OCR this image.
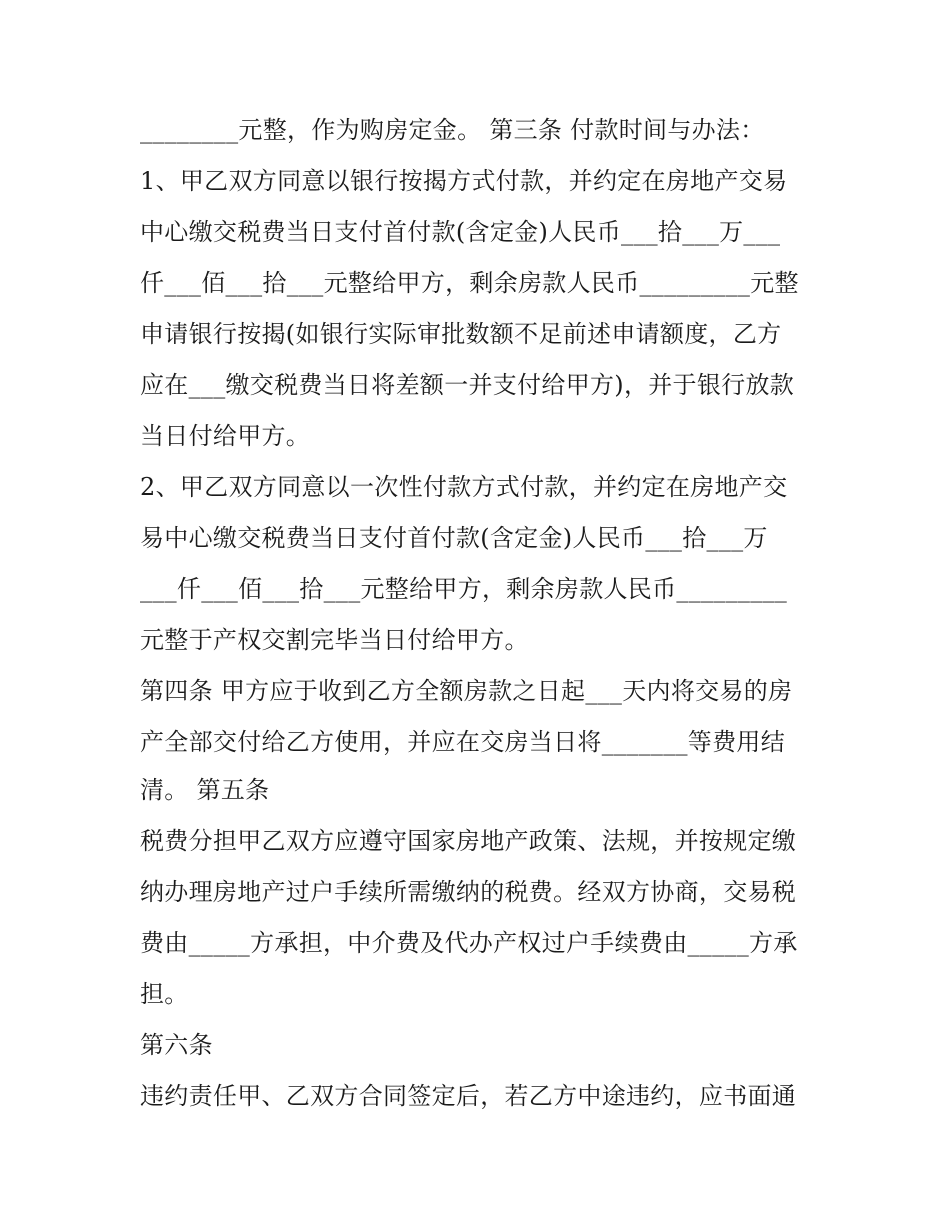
________元整，作为购房定金。 第三条 付款时间与办法：

1、甲乙双方同意以银行按揭方式付款，并约定在房地产交易

中心缴交税费当日支付首付款(含定金)人民币___拾___万___

仟___佰___拾___元整给甲方，剩余房款人民币_________元整

申请银行按揭(如银行实际审批数额不足前述申请额度，乙方

应在___缴交税费当日将差额一并支付给甲方)，并于银行放款

当日付给甲方。

2、甲乙双方同意以一次性付款方式付款，并约定在房地产交

易中心缴交税费当日支付首付款(含定金)人民币___拾___万

___仟___佰___拾___元整给甲方，剩余房款人民币_________

元整于产权交割完毕当日付给甲方。

第四条 甲方应于收到乙方全额房款之日起___天内将交易的房

产全部交付给乙方使用，并应在交房当日将_______等费用结

清。 第五条

税费分担甲乙双方应遵守国家房地产政策、法规，并按规定缴

纳办理房地产过户手续所需缴纳的税费。经双方协商，交易税

费由_____方承担，中介费及代办产权过户手续费由_____方承

担。

第六条

违约责任甲、乙双方合同签定后，若乙方中途违约，应书面通
